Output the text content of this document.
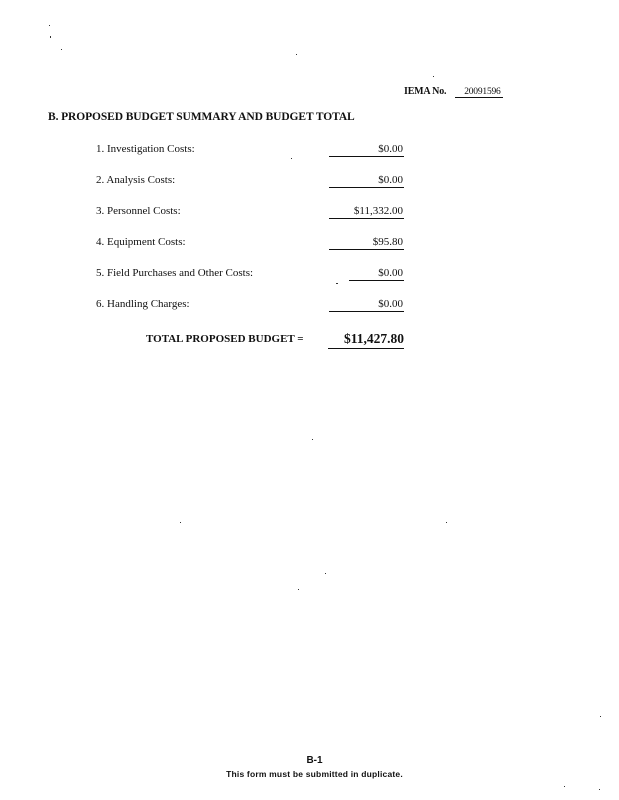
IEMA No. 20091596
B. PROPOSED BUDGET SUMMARY AND BUDGET TOTAL
1. Investigation Costs:	$0.00
2. Analysis Costs:	$0.00
3. Personnel Costs:	$11,332.00
4. Equipment Costs:	$95.80
5. Field Purchases and Other Costs:	$0.00
6. Handling Charges:	$0.00
TOTAL PROPOSED BUDGET =	$11,427.80
B-1
This form must be submitted in duplicate.
